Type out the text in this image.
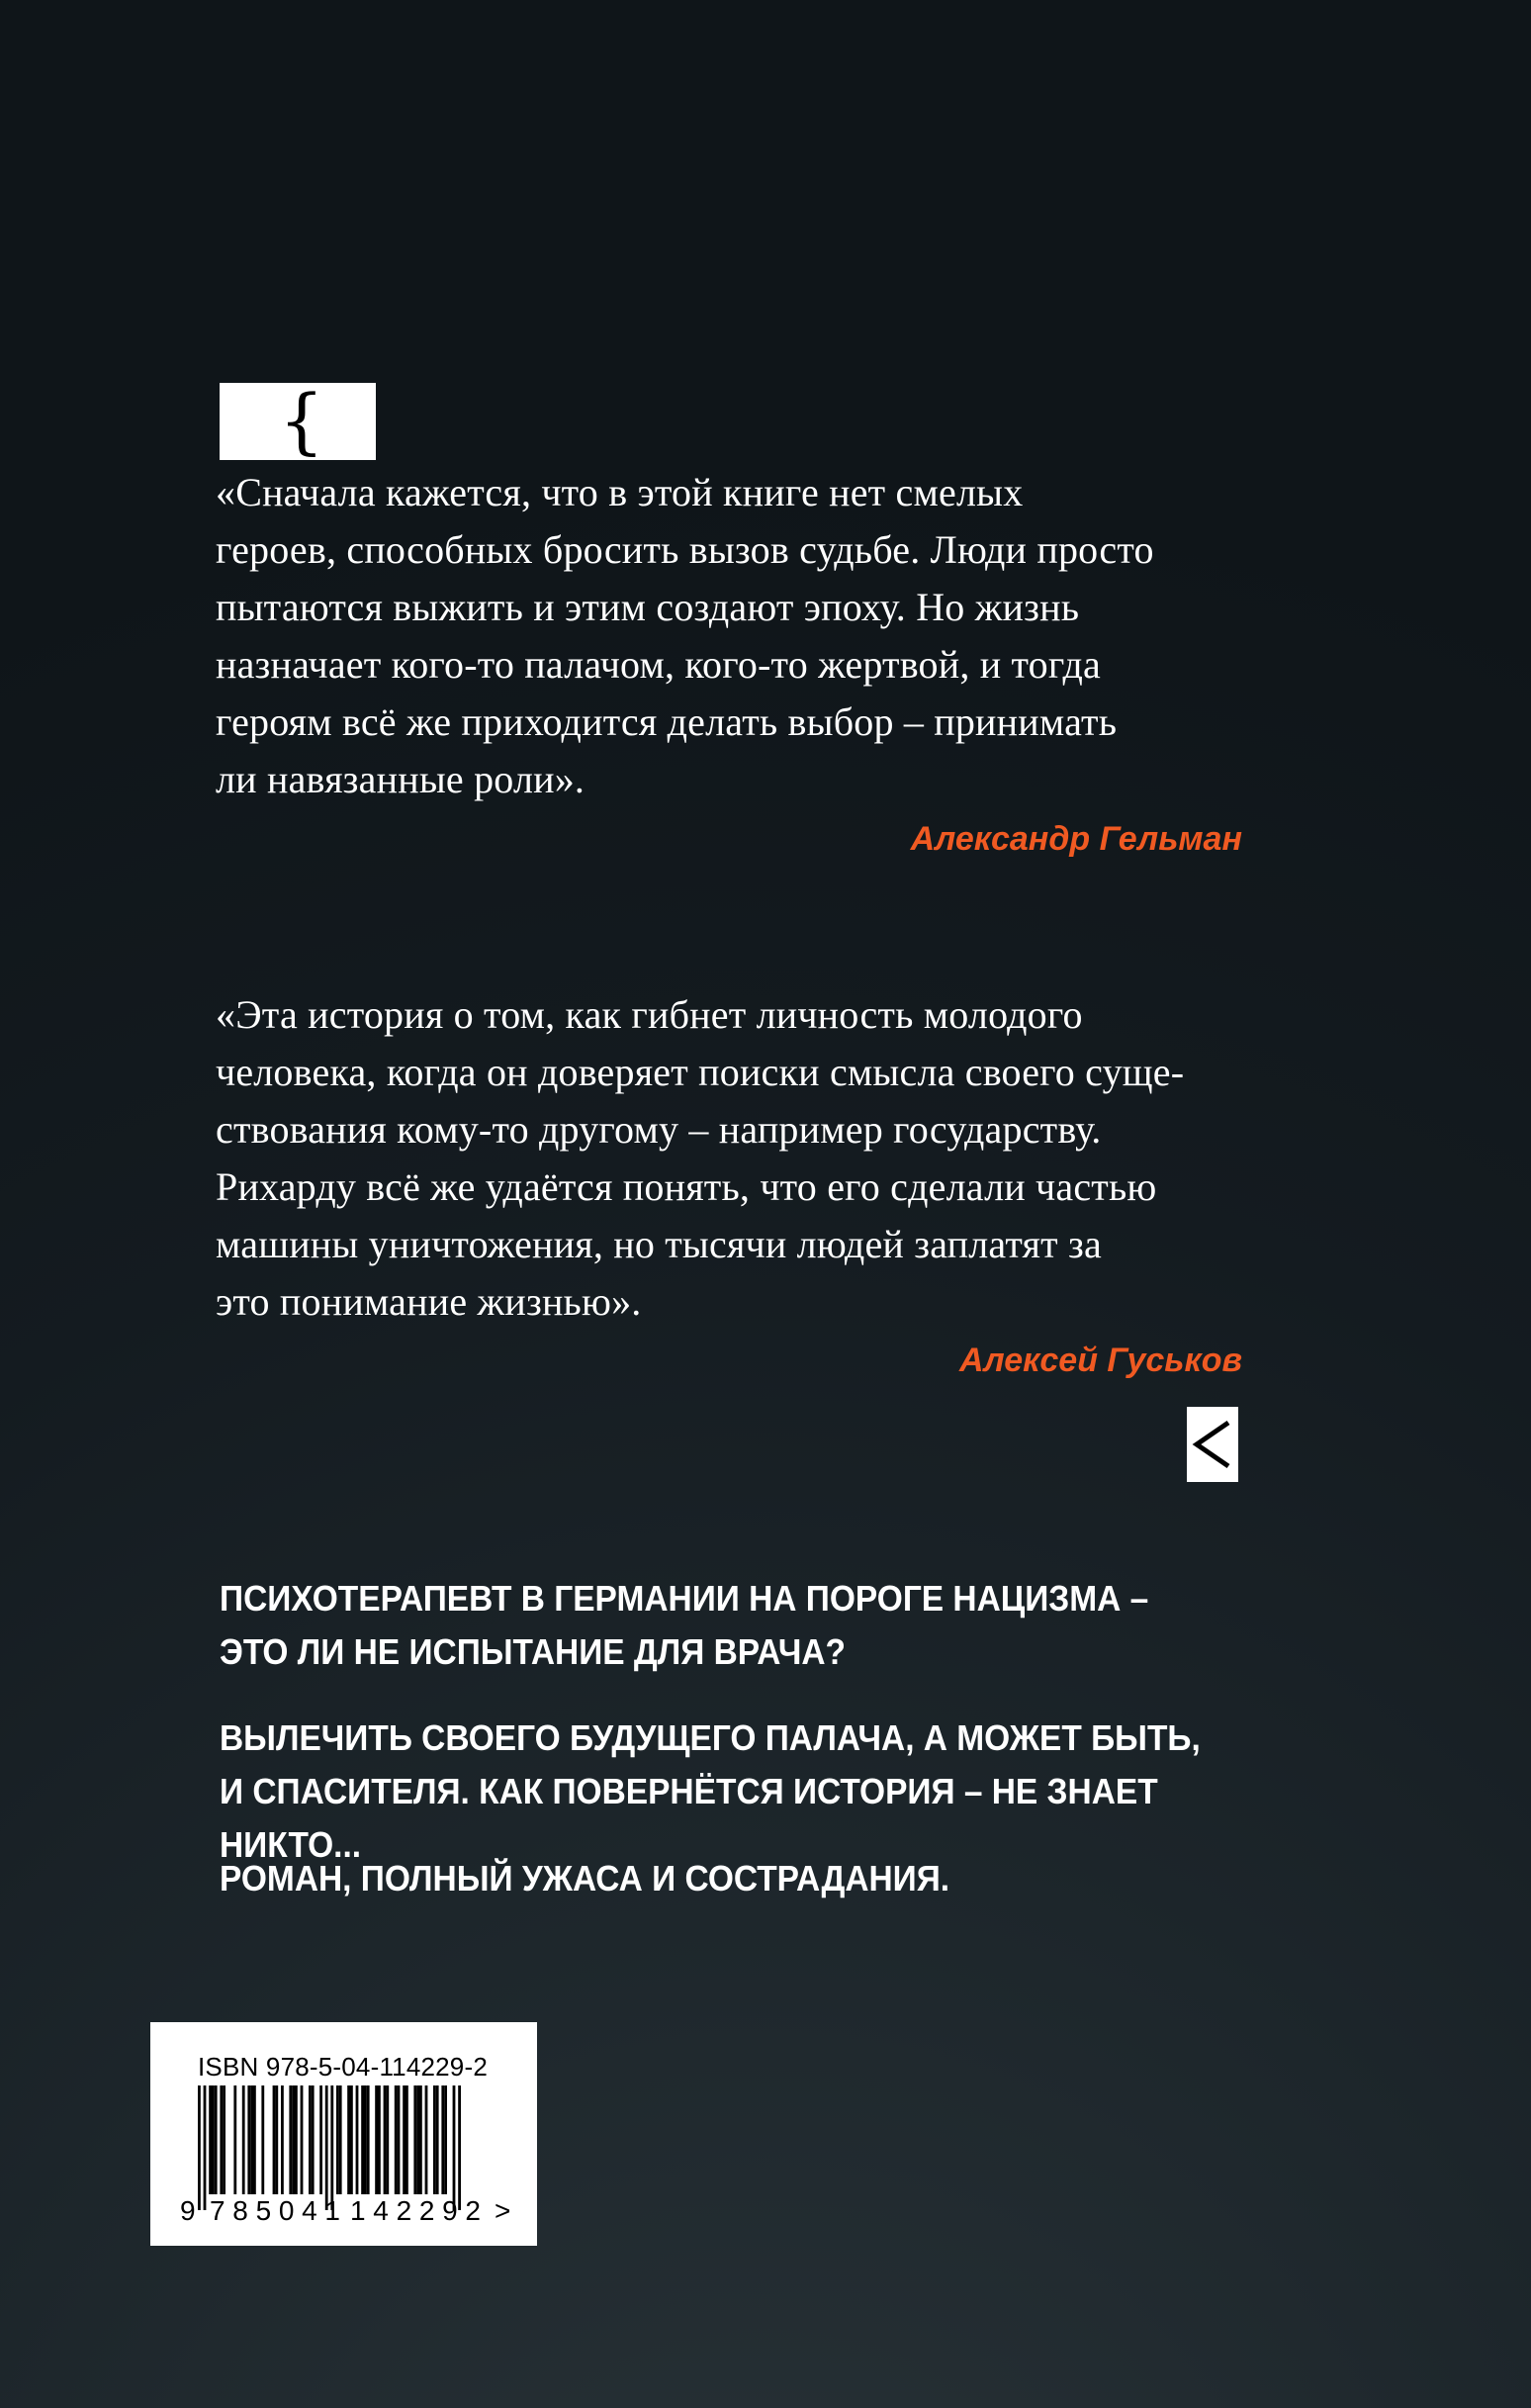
{
«Сначала кажется, что в этой книге нет смелых
героев, способных бросить вызов судьбе. Люди просто
пытаются выжить и этим создают эпоху. Но жизнь
назначает кого-то палачом, кого-то жертвой, и тогда
героям всё же приходится делать выбор – принимать
ли навязанные роли».
Александр Гельман
«Эта история о том, как гибнет личность молодого
человека, когда он доверяет поиски смысла своего суще-
ствования кому-то другому – например государству.
Рихарду всё же удаётся понять, что его сделали частью
машины уничтожения, но тысячи людей заплатят за
это понимание жизнью».
Алексей Гуськов
ПСИХОТЕРАПЕВТ В ГЕРМАНИИ НА ПОРОГЕ НАЦИЗМА –
ЭТО ЛИ НЕ ИСПЫТАНИЕ ДЛЯ ВРАЧА?
ВЫЛЕЧИТЬ СВОЕГО БУДУЩЕГО ПАЛАЧА, А МОЖЕТ БЫТЬ,
И СПАСИТЕЛЯ. КАК ПОВЕРНЁТСЯ ИСТОРИЯ – НЕ ЗНАЕТ НИКТО...
РОМАН, ПОЛНЫЙ УЖАСА И СОСТРАДАНИЯ.
ISBN 978-5-04-114229-2
9 785041 142292 >
